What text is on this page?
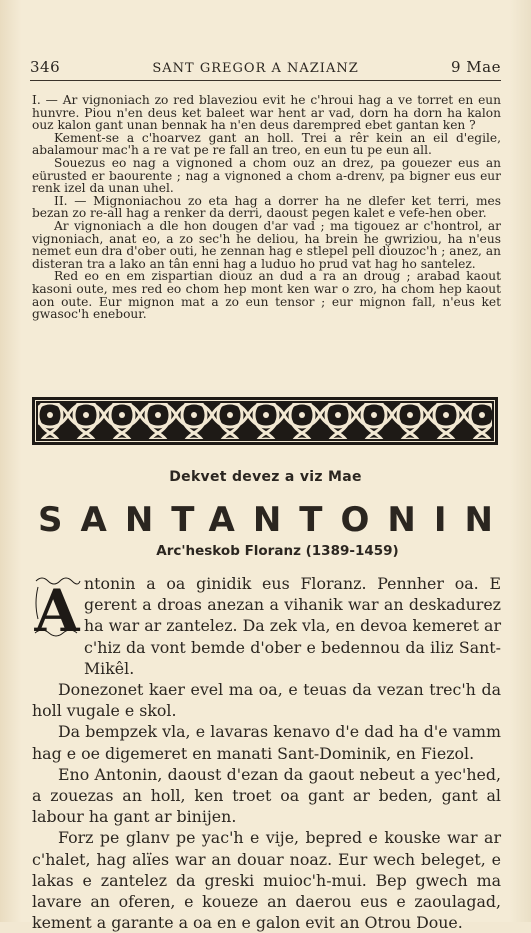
346	SANT GREGOR A NAZIANZ	9 Mae

I. — Ar vignoniach zo red blaveziou evit he c'hroui hag a ve torret en eun hunvre. Piou n'en deus ket baleet war hent ar vad, dorn ha dorn ha kalon ouz kalon gant unan bennak ha n'en deus darempred ebet gantan ken ?

Kement-se a c'hoarvez gant an holl. Trei a rêr kein an eil d'egile, abalamour mac'h a re vat pe re fall an treo, en eun tu pe eun all.

Souezus eo nag a vignoned a chom ouz an drez, pa gouezer eus an eürusted er baourente ; nag a vignoned a chom a-drenv, pa bigner eus eur renk izel da unan uhel.

II. — Mignoniachou zo eta hag a dorrer ha ne dlefer ket terri, mes bezan zo re-all hag a renker da derri, daoust pegen kalet e vefe-hen ober.

Ar vignoniach a dle hon dougen d'ar vad ; ma tigouez ar c'hontrol, ar vignoniach, anat eo, a zo sec'h he deliou, ha brein he gwriziou, ha n'eus nemet eun dra d'ober outi, he zennan hag e stlepel pell diouzoc'h ; anez, an disteran tra a lako an tân enni hag a luduo ho prud vat hag ho santelez.

Red eo en em zispartian diouz an dud a ra an droug ; arabad kaout kasoni oute, mes red eo chom hep mont ken war o zro, ha chom hep kaout aon oute. Eur mignon mat a zo eun tensor ; eur mignon fall, n'eus ket gwasoc'h enebour.

Dekvet devez a viz Mae
S A N T A N T O N I N
Arc'heskob Floranz (1389-1459)
A ntonin a oa ginidik eus Floranz. Pennher oa. E gerent a droas anezan a vihanik war an deskadurez ha war ar zantelez. Da zek vla, en devoa kemeret ar c'hiz da vont bemde d'ober e bedennou da iliz Sant-Mikêl.

Donezonet kaer evel ma oa, e teuas da vezan trec'h da holl vugale e skol.

Da bempzek vla, e lavaras kenavo d'e dad ha d'e vamm hag e oe digemeret en manati Sant-Dominik, en Fiezol.

Eno Antonin, daoust d'ezan da gaout nebeut a yec'hed, a zouezas an holl, ken troet oa gant ar beden, gant al labour ha gant ar binijen.

Forz pe glanv pe yac'h e vije, bepred e kouske war ar c'halet, hag alïes war an douar noaz. Eur wech beleget, e lakas e zantelez da greski muioc'h-mui. Bep gwech ma lavare an oferen, e koueze an daerou eus e zaoulagad, kement a garante a oa en e galon evit an Otrou Doue.
